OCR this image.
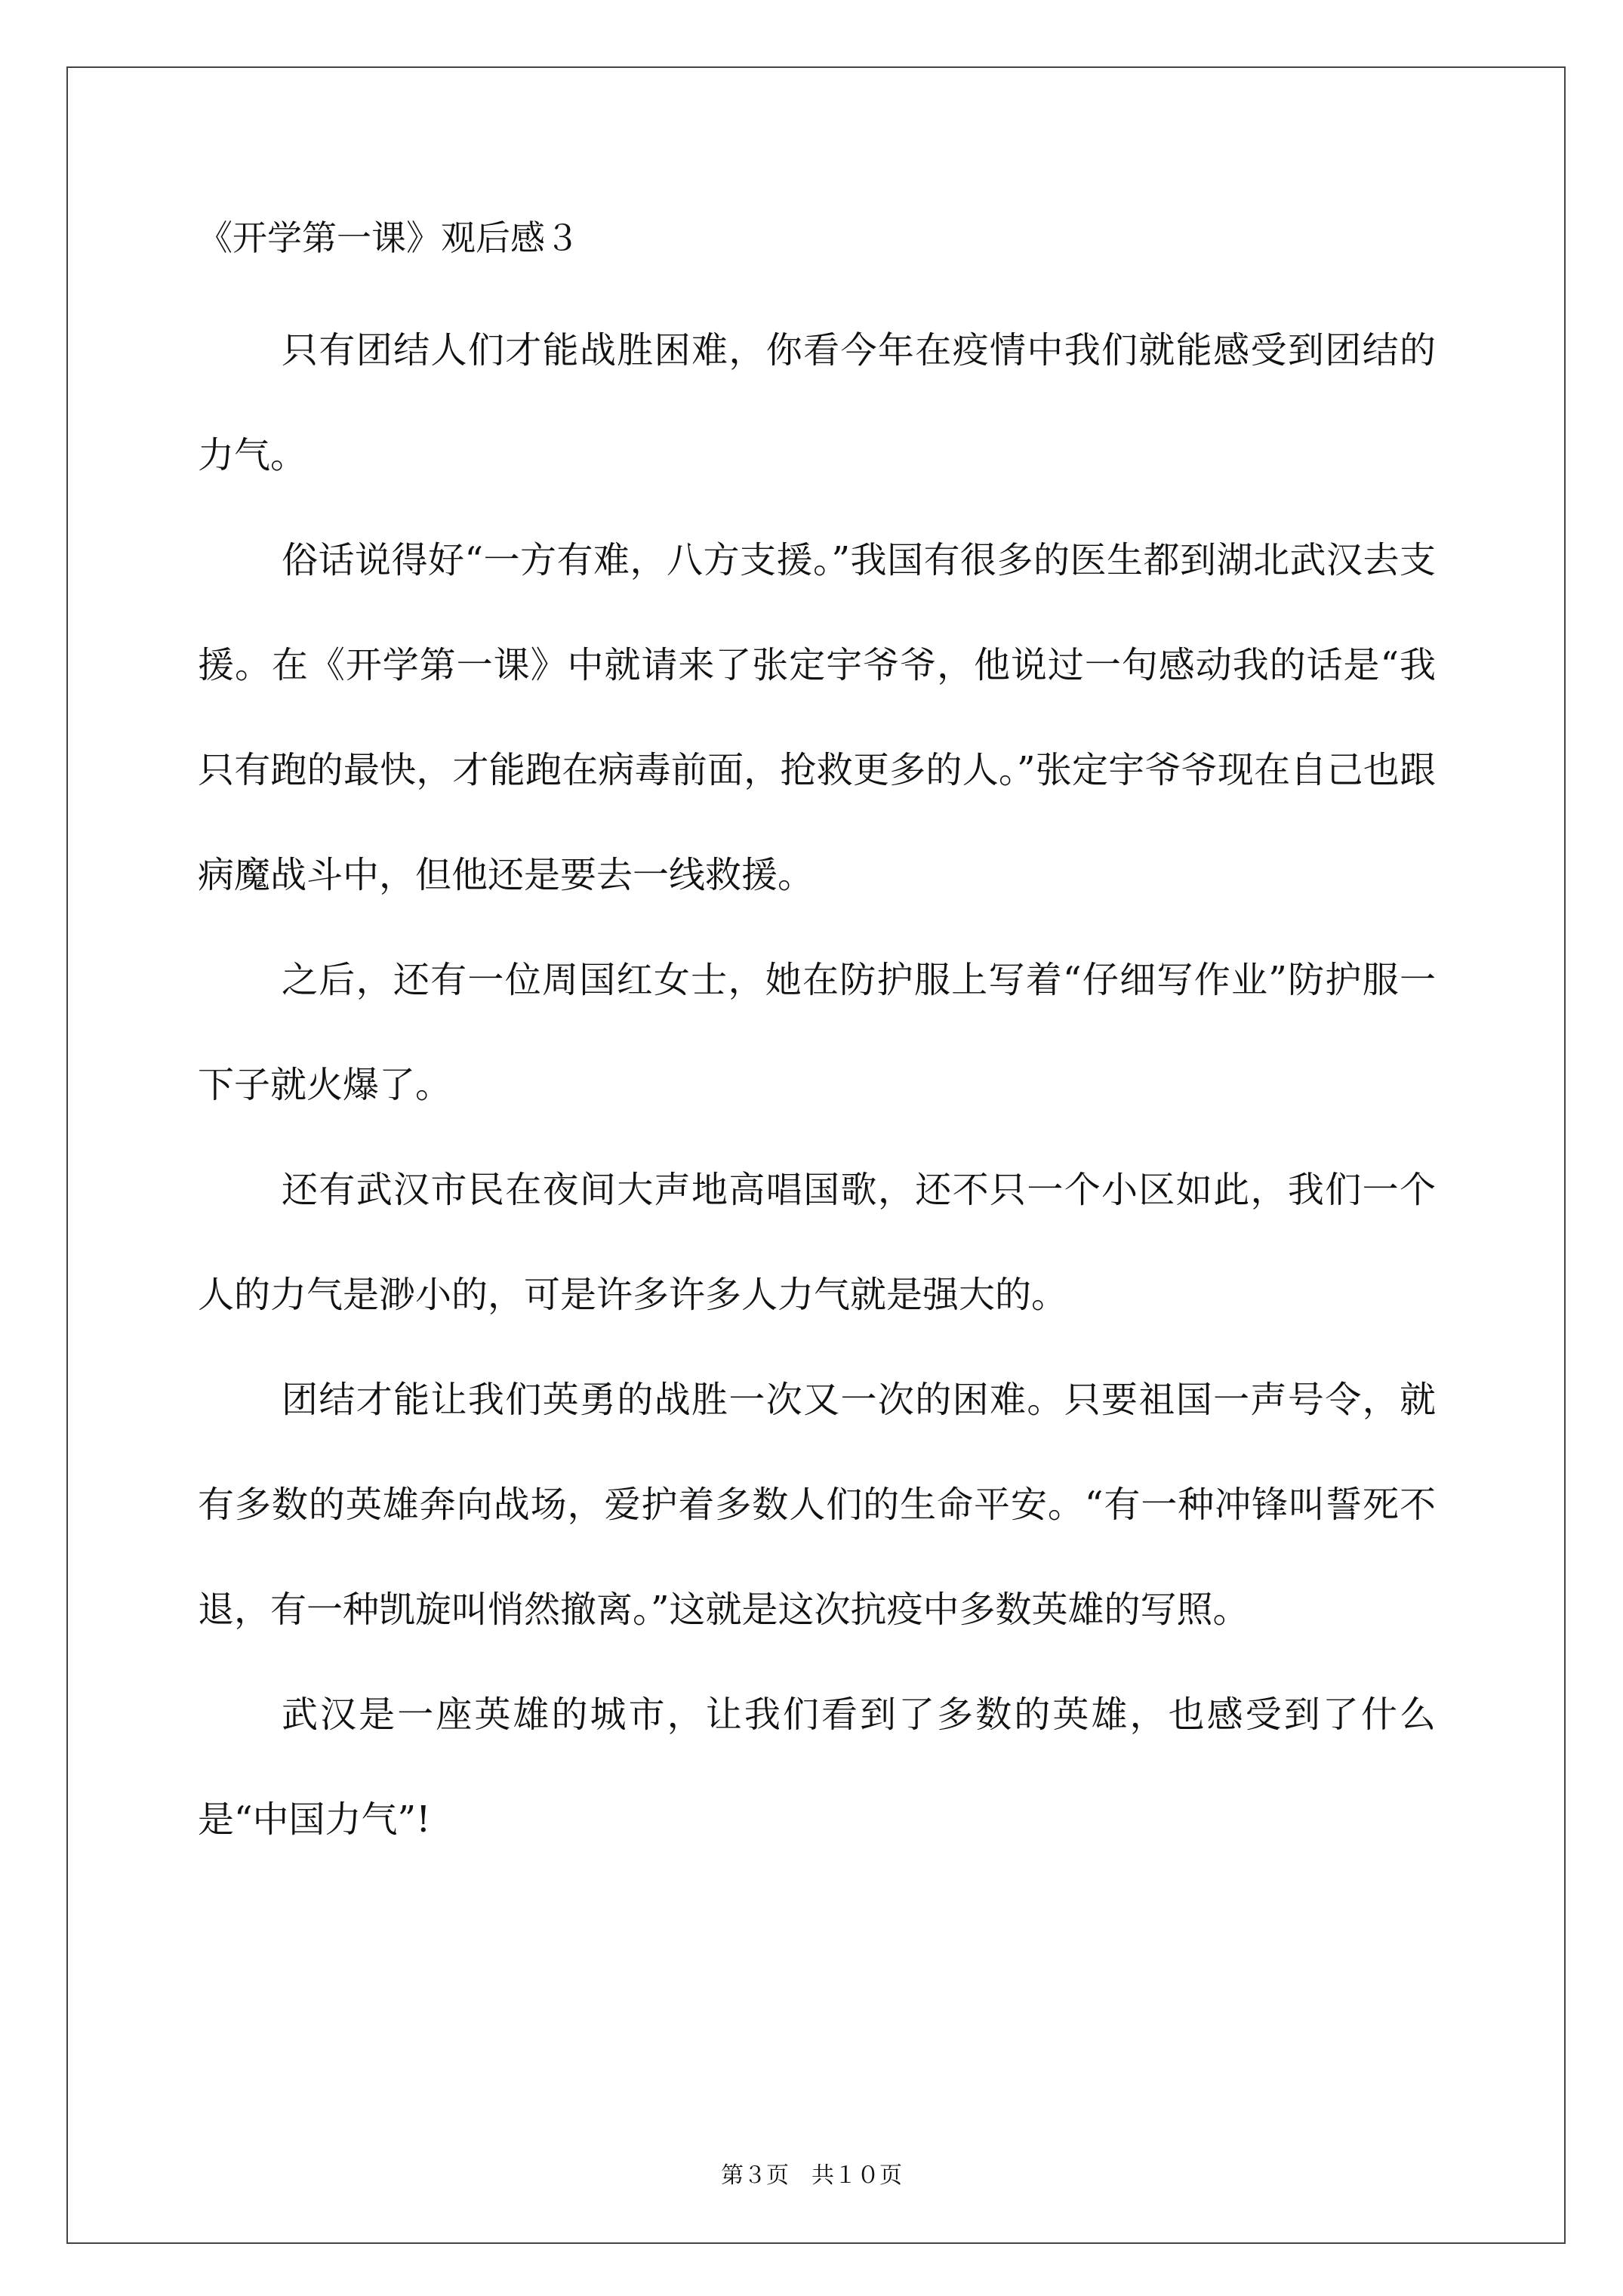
《开学第一课》观后感３

只有团结人们才能战胜困难，你看今年在疫情中我们就能感受到团结的力气。

俗话说得好“一方有难，八方支援。”我国有很多的医生都到湖北武汉去支援。在《开学第一课》中就请来了张定宇爷爷，他说过一句感动我的话是“我只有跑的最快，才能跑在病毒前面，抢救更多的人。”张定宇爷爷现在自己也跟病魔战斗中，但他还是要去一线救援。

之后，还有一位周国红女士，她在防护服上写着“仔细写作业”防护服一下子就火爆了。

还有武汉市民在夜间大声地高唱国歌，还不只一个小区如此，我们一个人的力气是渺小的，可是许多许多人力气就是强大的。

团结才能让我们英勇的战胜一次又一次的困难。只要祖国一声号令，就有多数的英雄奔向战场，爱护着多数人们的生命平安。“有一种冲锋叫誓死不退，有一种凯旋叫悄然撤离。”这就是这次抗疫中多数英雄的写照。

武汉是一座英雄的城市，让我们看到了多数的英雄，也感受到了什么是“中国力气”!

第３页　共１０页
